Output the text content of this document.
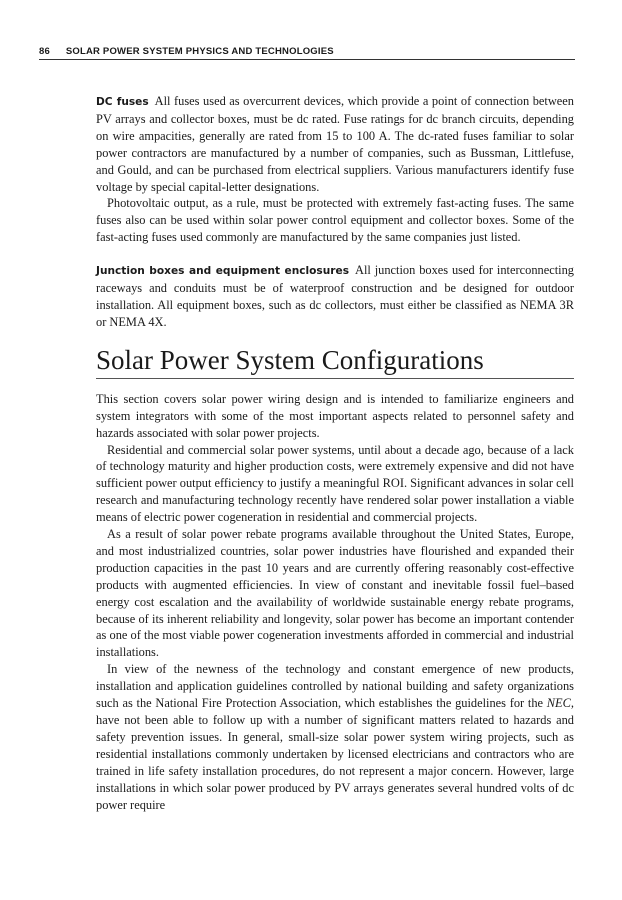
86 SOLAR POWER SYSTEM PHYSICS AND TECHNOLOGIES

DC fuses All fuses used as overcurrent devices, which provide a point of connection between PV arrays and collector boxes, must be dc rated. Fuse ratings for dc branch circuits, depending on wire ampacities, generally are rated from 15 to 100 A. The dc-rated fuses familiar to solar power contractors are manufactured by a number of companies, such as Bussman, Littlefuse, and Gould, and can be purchased from electrical suppliers. Various manufacturers identify fuse voltage by special capital-letter designations.

Photovoltaic output, as a rule, must be protected with extremely fast-acting fuses. The same fuses also can be used within solar power control equipment and collector boxes. Some of the fast-acting fuses used commonly are manufactured by the same companies just listed.

Junction boxes and equipment enclosures All junction boxes used for interconnecting raceways and conduits must be of waterproof construction and be designed for outdoor installation. All equipment boxes, such as dc collectors, must either be classified as NEMA 3R or NEMA 4X.

Solar Power System Configurations

This section covers solar power wiring design and is intended to familiarize engineers and system integrators with some of the most important aspects related to personnel safety and hazards associated with solar power projects.

Residential and commercial solar power systems, until about a decade ago, because of a lack of technology maturity and higher production costs, were extremely expensive and did not have sufficient power output efficiency to justify a meaningful ROI. Significant advances in solar cell research and manufacturing technology recently have rendered solar power installation a viable means of electric power cogeneration in residential and commercial projects.

As a result of solar power rebate programs available throughout the United States, Europe, and most industrialized countries, solar power industries have flourished and expanded their production capacities in the past 10 years and are currently offering reasonably cost-effective products with augmented efficiencies. In view of constant and inevitable fossil fuel–based energy cost escalation and the availability of worldwide sustainable energy rebate programs, because of its inherent reliability and longevity, solar power has become an important contender as one of the most viable power cogeneration investments afforded in commercial and industrial installations.

In view of the newness of the technology and constant emergence of new products, installation and application guidelines controlled by national building and safety organizations such as the National Fire Protection Association, which establishes the guidelines for the NEC, have not been able to follow up with a number of significant matters related to hazards and safety prevention issues. In general, small-size solar power system wiring projects, such as residential installations commonly undertaken by licensed electricians and contractors who are trained in life safety installation procedures, do not represent a major concern. However, large installations in which solar power produced by PV arrays generates several hundred volts of dc power require
